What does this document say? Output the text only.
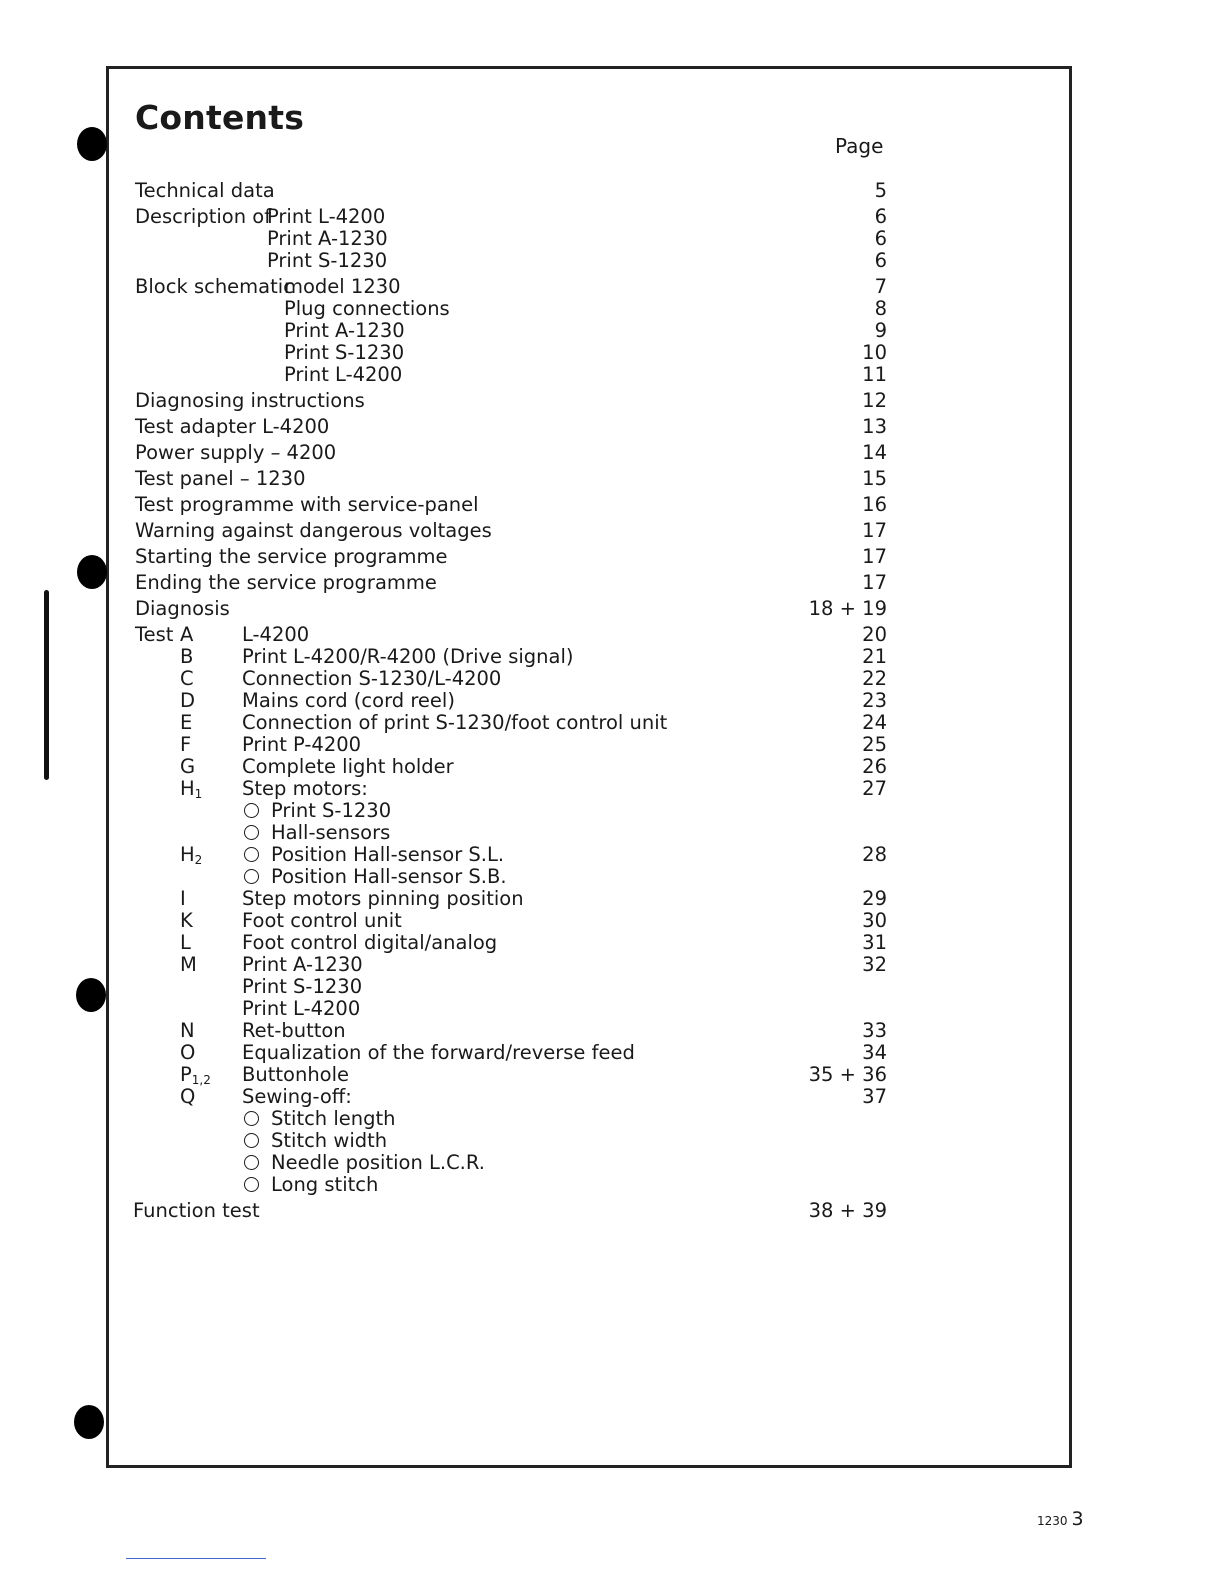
Contents
Page
Technical data	5
Description of
Print L-4200	6
Print A-1230	6
Print S-1230	6
Block schematic
model 1230	7
Plug connections	8
Print A-1230	9
Print S-1230	10
Print L-4200	11
Diagnosing instructions	12
Test adapter L-4200	13
Power supply – 4200	14
Test panel – 1230	15
Test programme with service-panel	16
Warning against dangerous voltages	17
Starting the service programme	17
Ending the service programme	17
Diagnosis	18 + 19
Test A L-4200	20
B Print L-4200/R-4200 (Drive signal)	21
C Connection S-1230/L-4200	22
D Mains cord (cord reel)	23
E	Connection of print S-1230/foot control unit	24
F	Print P-4200	25
G Complete light holder	26
$H_1$ Step motors:	27
Print S-1230
Hall-sensors
$H_2$	Position Hall-sensor S.L.	28
Position Hall-sensor S.B.
I	Step motors pinning position	29
K	Foot control unit	30
L	Foot control digital/analog	31
M Print A-1230	32
Print S-1230
Print L-4200
N Ret-button	33
O Equalization of the forward/reverse feed	34
$P_{1,2}$ Buttonhole	35 + 36
Q Sewing-off:	37
Stitch length
Stitch width
Needle position L.C.R.
Long stitch
Function test	38 + 39
1230 3
